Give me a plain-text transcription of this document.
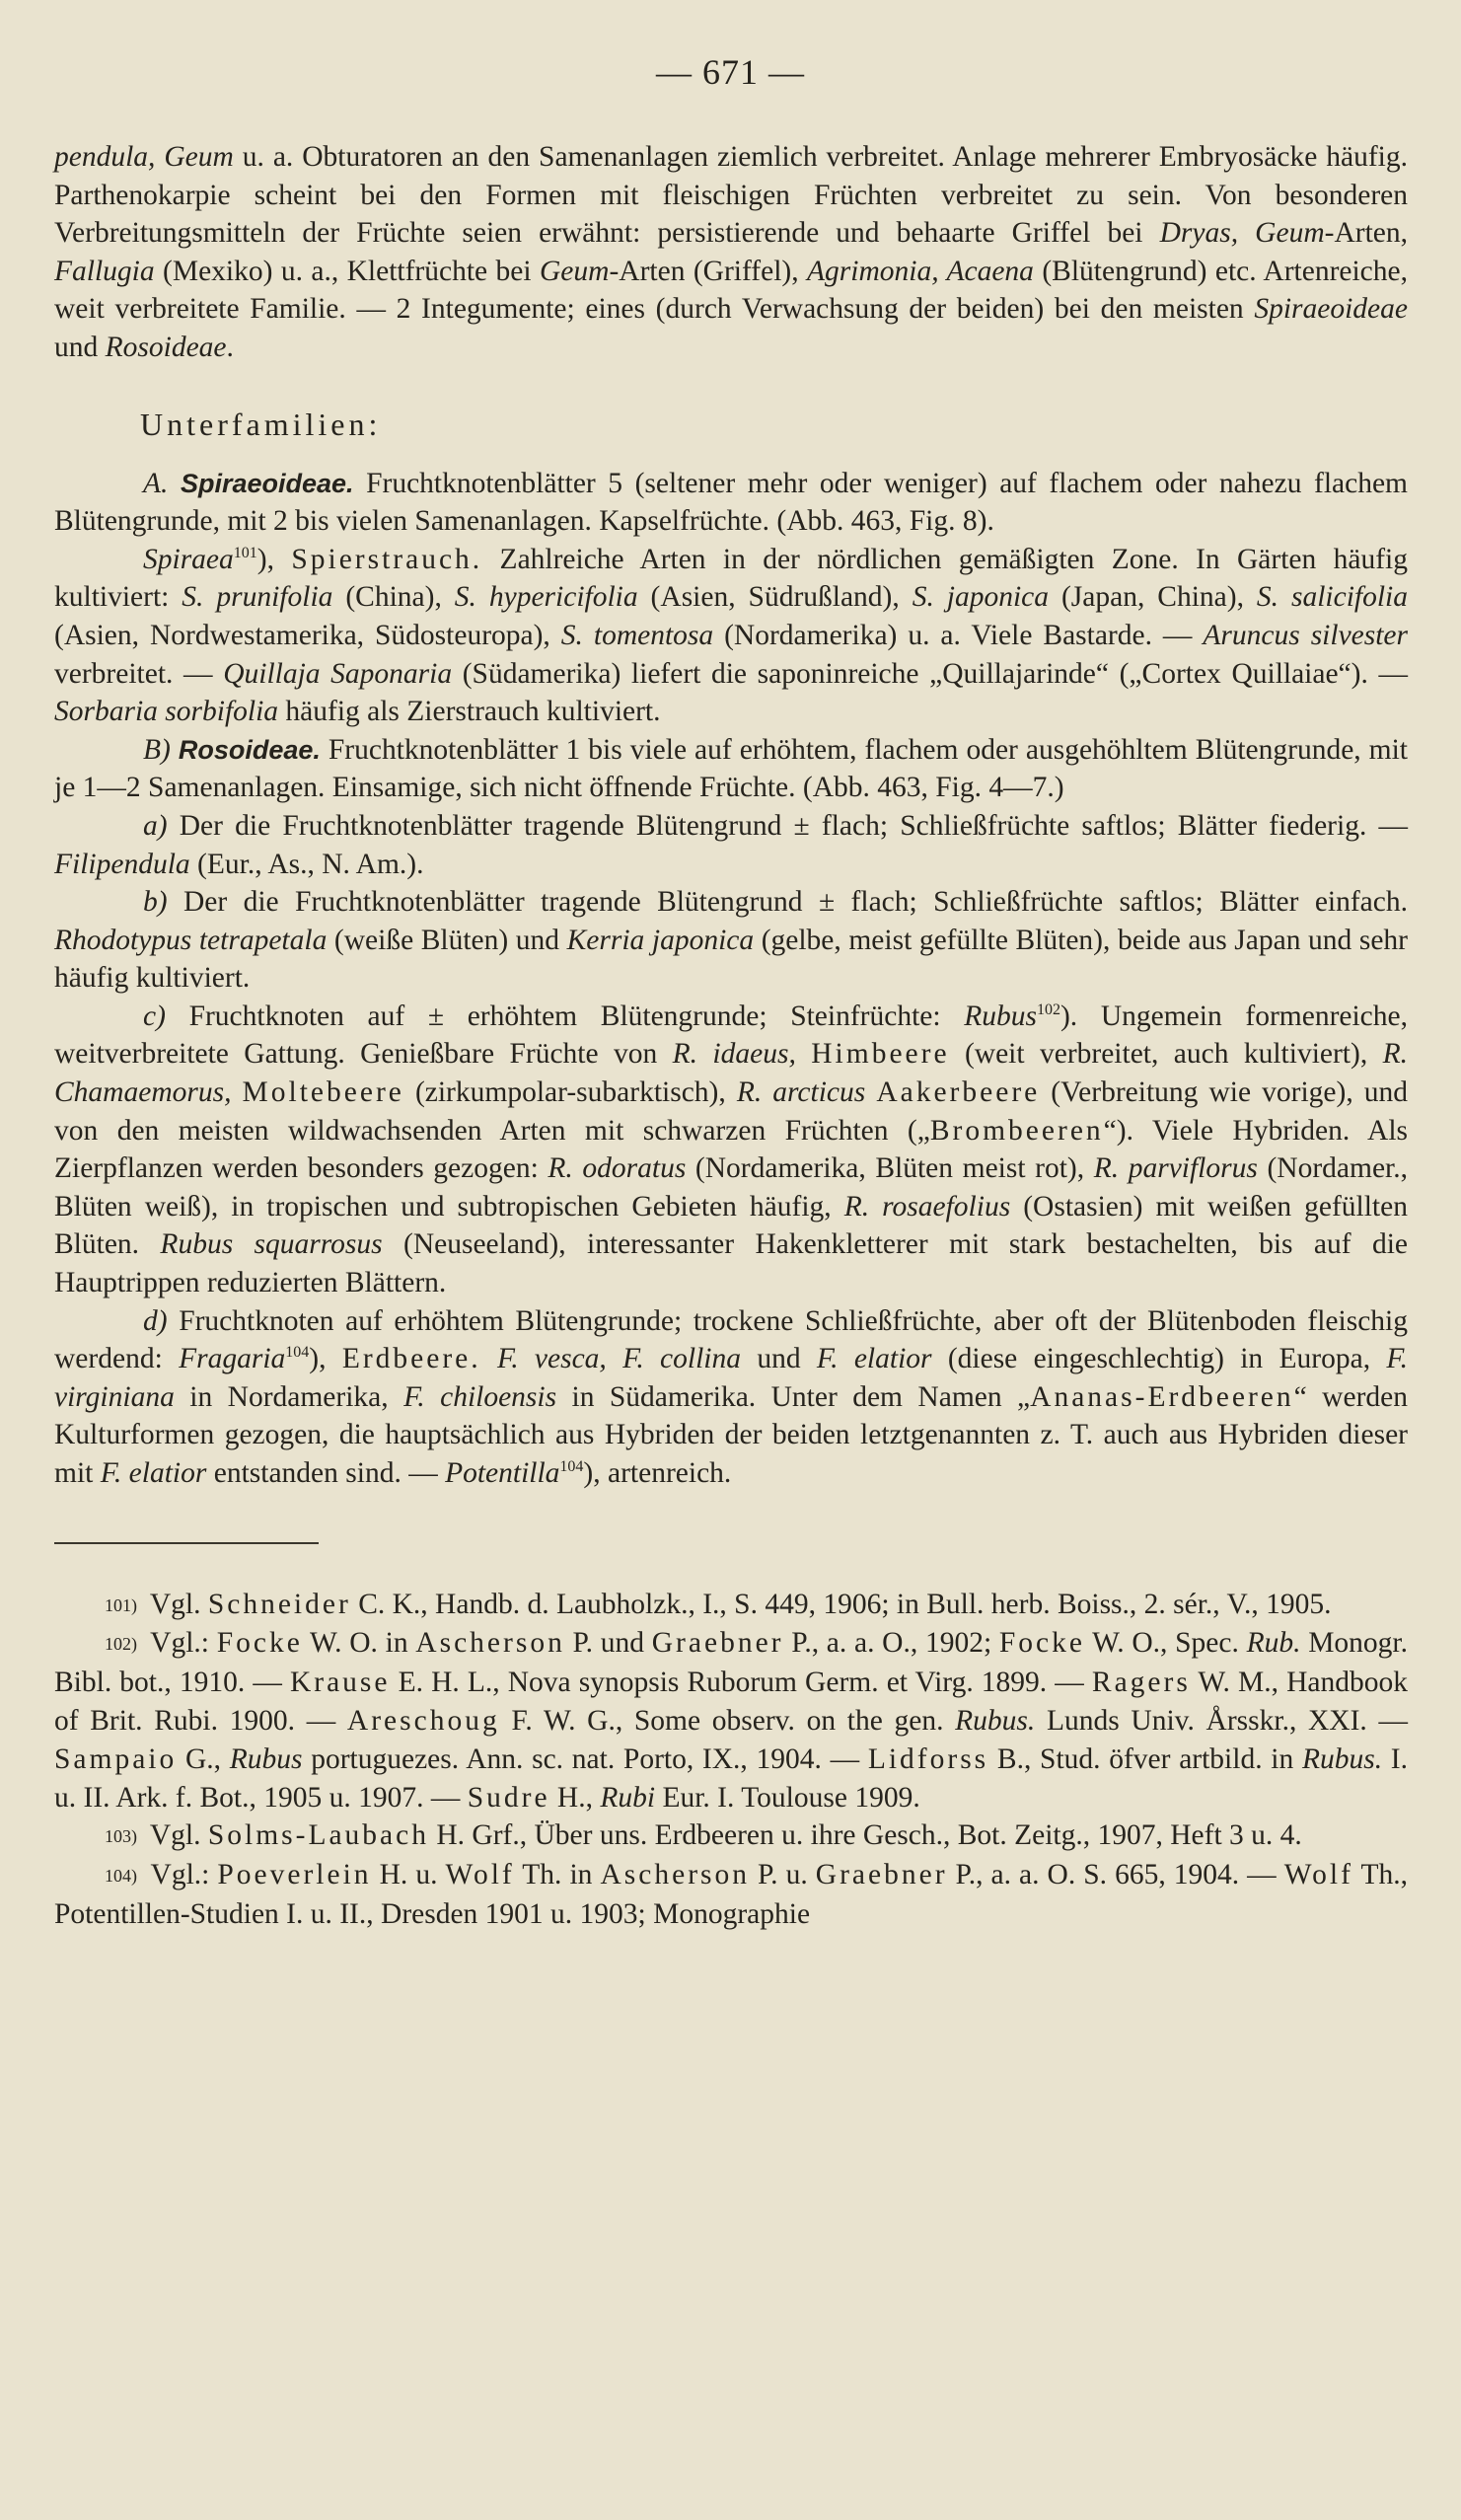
— 671 —

pendula, Geum u. a. Obturatoren an den Samenanlagen ziemlich verbreitet. Anlage mehrerer Embryosäcke häufig. Parthenokarpie scheint bei den Formen mit fleischigen Früchten verbreitet zu sein. Von besonderen Verbreitungsmitteln der Früchte seien erwähnt: persistierende und behaarte Griffel bei Dryas, Geum-Arten, Fallugia (Mexiko) u. a., Klettfrüchte bei Geum-Arten (Griffel), Agrimonia, Acaena (Blütengrund) etc. Artenreiche, weit verbreitete Familie. — 2 Integumente; eines (durch Verwachsung der beiden) bei den meisten Spiraeoideae und Rosoideae.

Unterfamilien:

A. Spiraeoideae. Fruchtknotenblätter 5 (seltener mehr oder weniger) auf flachem oder nahezu flachem Blütengrunde, mit 2 bis vielen Samenanlagen. Kapselfrüchte. (Abb. 463, Fig. 8).

Spiraea$^{101}$), Spierstrauch. Zahlreiche Arten in der nördlichen gemäßigten Zone. In Gärten häufig kultiviert: S. prunifolia (China), S. hypericifolia (Asien, Südrußland), S. japonica (Japan, China), S. salicifolia (Asien, Nordwestamerika, Südosteuropa), S. tomentosa (Nordamerika) u. a. Viele Bastarde. — Aruncus silvester verbreitet. — Quillaja Saponaria (Südamerika) liefert die saponinreiche „Quillajarinde“ („Cortex Quillaiae“). — Sorbaria sorbifolia häufig als Zierstrauch kultiviert.

B) Rosoideae. Fruchtknotenblätter 1 bis viele auf erhöhtem, flachem oder ausgehöhltem Blütengrunde, mit je 1—2 Samenanlagen. Einsamige, sich nicht öffnende Früchte. (Abb. 463, Fig. 4—7.)

a) Der die Fruchtknotenblätter tragende Blütengrund ± flach; Schließfrüchte saftlos; Blätter fiederig. — Filipendula (Eur., As., N. Am.).

b) Der die Fruchtknotenblätter tragende Blütengrund ± flach; Schließfrüchte saftlos; Blätter einfach. Rhodotypus tetrapetala (weiße Blüten) und Kerria japonica (gelbe, meist gefüllte Blüten), beide aus Japan und sehr häufig kultiviert.

c) Fruchtknoten auf ± erhöhtem Blütengrunde; Steinfrüchte: Rubus$^{102}$). Ungemein formenreiche, weitverbreitete Gattung. Genießbare Früchte von R. idaeus, Himbeere (weit verbreitet, auch kultiviert), R. Chamaemorus, Moltebeere (zirkumpolar-subarktisch), R. arcticus Aakerbeere (Verbreitung wie vorige), und von den meisten wildwachsenden Arten mit schwarzen Früchten („Brombeeren“). Viele Hybriden. Als Zierpflanzen werden besonders gezogen: R. odoratus (Nordamerika, Blüten meist rot), R. parviflorus (Nordamer., Blüten weiß), in tropischen und subtropischen Gebieten häufig, R. rosaefolius (Ostasien) mit weißen gefüllten Blüten. Rubus squarrosus (Neuseeland), interessanter Hakenkletterer mit stark bestachelten, bis auf die Hauptrippen reduzierten Blättern.

d) Fruchtknoten auf erhöhtem Blütengrunde; trockene Schließfrüchte, aber oft der Blütenboden fleischig werdend: Fragaria$^{104}$), Erdbeere. F. vesca, F. collina und F. elatior (diese eingeschlechtig) in Europa, F. virginiana in Nordamerika, F. chiloensis in Südamerika. Unter dem Namen „Ananas-Erdbeeren“ werden Kulturformen gezogen, die hauptsächlich aus Hybriden der beiden letztgenannten z. T. auch aus Hybriden dieser mit F. elatior entstanden sind. — Potentilla$^{104}$), artenreich.

101) Vgl. Schneider C. K., Handb. d. Laubholzk., I., S. 449, 1906; in Bull. herb. Boiss., 2. sér., V., 1905.

102) Vgl.: Focke W. O. in Ascherson P. und Graebner P., a. a. O., 1902; Focke W. O., Spec. Rub. Monogr. Bibl. bot., 1910. — Krause E. H. L., Nova synopsis Ruborum Germ. et Virg. 1899. — Ragers W. M., Handbook of Brit. Rubi. 1900. — Areschoug F. W. G., Some observ. on the gen. Rubus. Lunds Univ. Årsskr., XXI. — Sampaio G., Rubus portuguezes. Ann. sc. nat. Porto, IX., 1904. — Lidforss B., Stud. öfver artbild. in Rubus. I. u. II. Ark. f. Bot., 1905 u. 1907. — Sudre H., Rubi Eur. I. Toulouse 1909.

103) Vgl. Solms-Laubach H. Grf., Über uns. Erdbeeren u. ihre Gesch., Bot. Zeitg., 1907, Heft 3 u. 4.

104) Vgl.: Poeverlein H. u. Wolf Th. in Ascherson P. u. Graebner P., a. a. O. S. 665, 1904. — Wolf Th., Potentillen-Studien I. u. II., Dresden 1901 u. 1903; Monographie
